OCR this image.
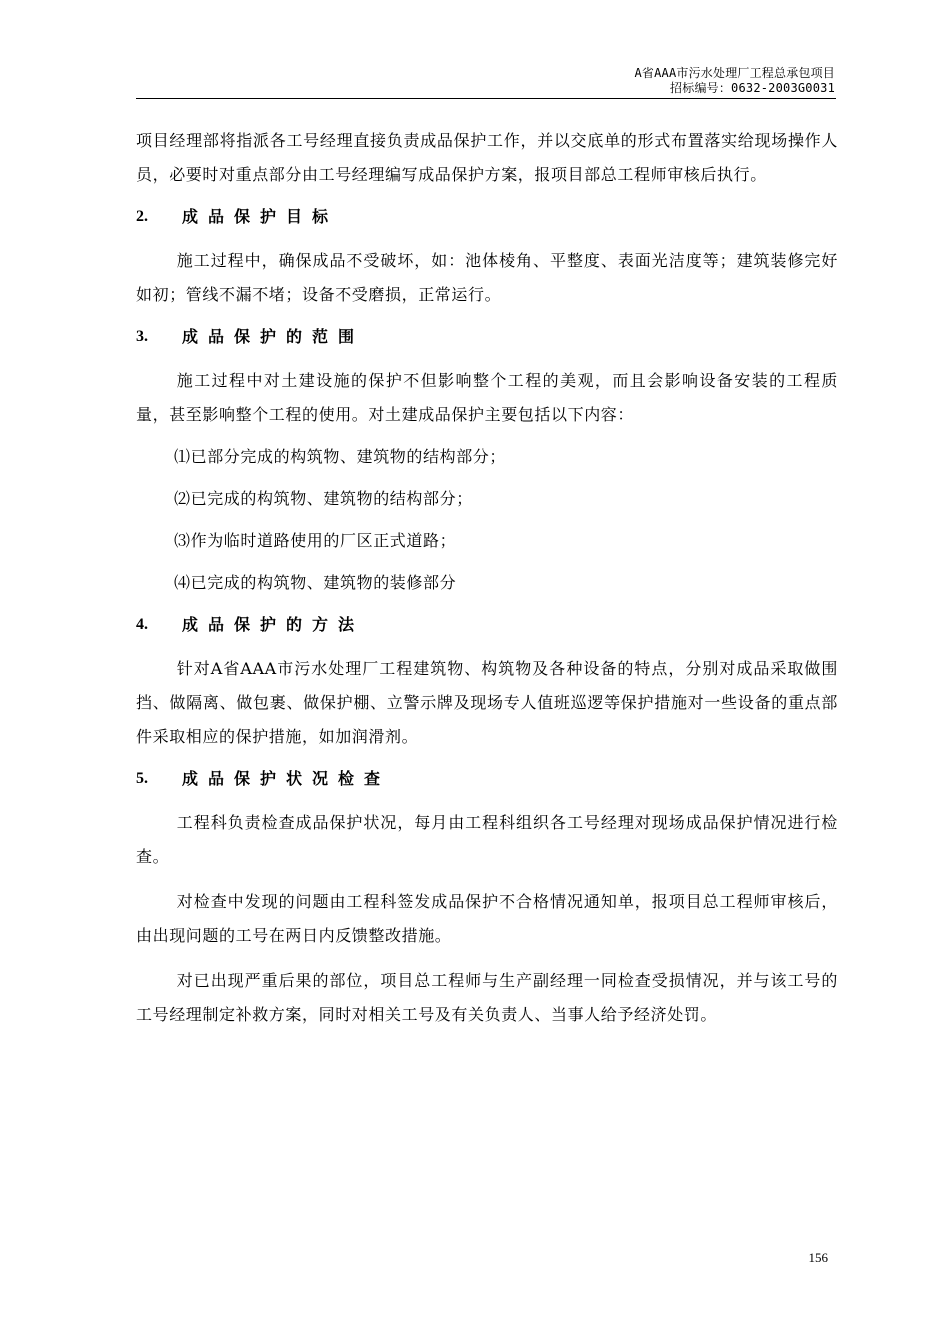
A省AAA市污水处理厂工程总承包项目
招标编号：0632-2003G0031

项目经理部将指派各工号经理直接负责成品保护工作，并以交底单的形式布置落实给现场操作人员，必要时对重点部分由工号经理编写成品保护方案，报项目部总工程师审核后执行。

2.	成品保护目标

施工过程中，确保成品不受破坏，如：池体棱角、平整度、表面光洁度等；建筑装修完好如初；管线不漏不堵；设备不受磨损，正常运行。

3.	成品保护的范围

施工过程中对土建设施的保护不但影响整个工程的美观，而且会影响设备安装的工程质量，甚至影响整个工程的使用。对土建成品保护主要包括以下内容：

⑴已部分完成的构筑物、建筑物的结构部分；
⑵已完成的构筑物、建筑物的结构部分；
⑶作为临时道路使用的厂区正式道路；
⑷已完成的构筑物、建筑物的装修部分
4.	成品保护的方法

针对A省AAA市污水处理厂工程建筑物、构筑物及各种设备的特点，分别对成品采取做围挡、做隔离、做包裹、做保护棚、立警示牌及现场专人值班巡逻等保护措施对一些设备的重点部件采取相应的保护措施，如加润滑剂。

5.	成品保护状况检查

工程科负责检查成品保护状况，每月由工程科组织各工号经理对现场成品保护情况进行检查。

对检查中发现的问题由工程科签发成品保护不合格情况通知单，报项目总工程师审核后，由出现问题的工号在两日内反馈整改措施。

对已出现严重后果的部位，项目总工程师与生产副经理一同检查受损情况，并与该工号的工号经理制定补救方案，同时对相关工号及有关负责人、当事人给予经济处罚。

156
